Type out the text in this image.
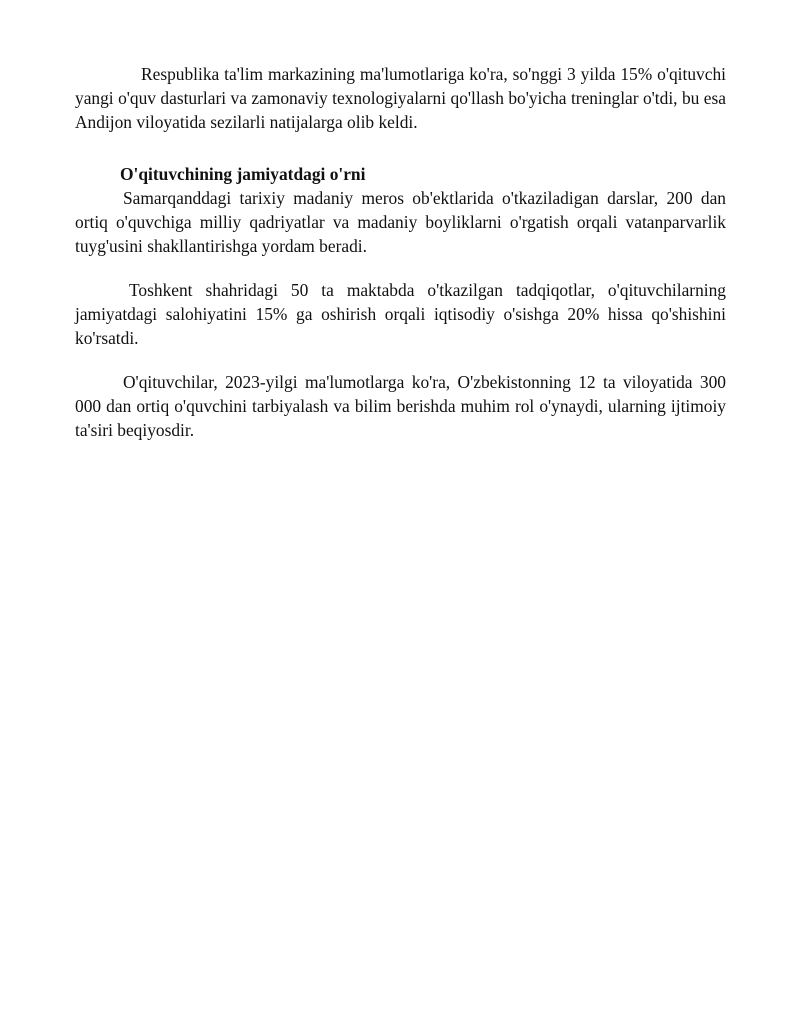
Respublika ta'lim markazining ma'lumotlariga ko'ra, so'nggi 3 yilda 15% o'qituvchi yangi o'quv dasturlari va zamonaviy texnologiyalarni qo'llash bo'yicha treninglar o'tdi, bu esa Andijon viloyatida sezilarli natijalarga olib keldi.

O'qituvchining jamiyatdagi o'rni

Samarqanddagi tarixiy madaniy meros ob'ektlarida o'tkaziladigan darslar, 200 dan ortiq o'quvchiga milliy qadriyatlar va madaniy boyliklarni o'rgatish orqali vatanparvarlik tuyg'usini shakllantirishga yordam beradi.

Toshkent shahridagi 50 ta maktabda o'tkazilgan tadqiqotlar, o'qituvchilarning jamiyatdagi salohiyatini 15% ga oshirish orqali iqtisodiy o'sishga 20% hissa qo'shishini ko'rsatdi.

O'qituvchilar, 2023-yilgi ma'lumotlarga ko'ra, O'zbekistonning 12 ta viloyatida 300 000 dan ortiq o'quvchini tarbiyalash va bilim berishda muhim rol o'ynaydi, ularning ijtimoiy ta'siri beqiyosdir.
